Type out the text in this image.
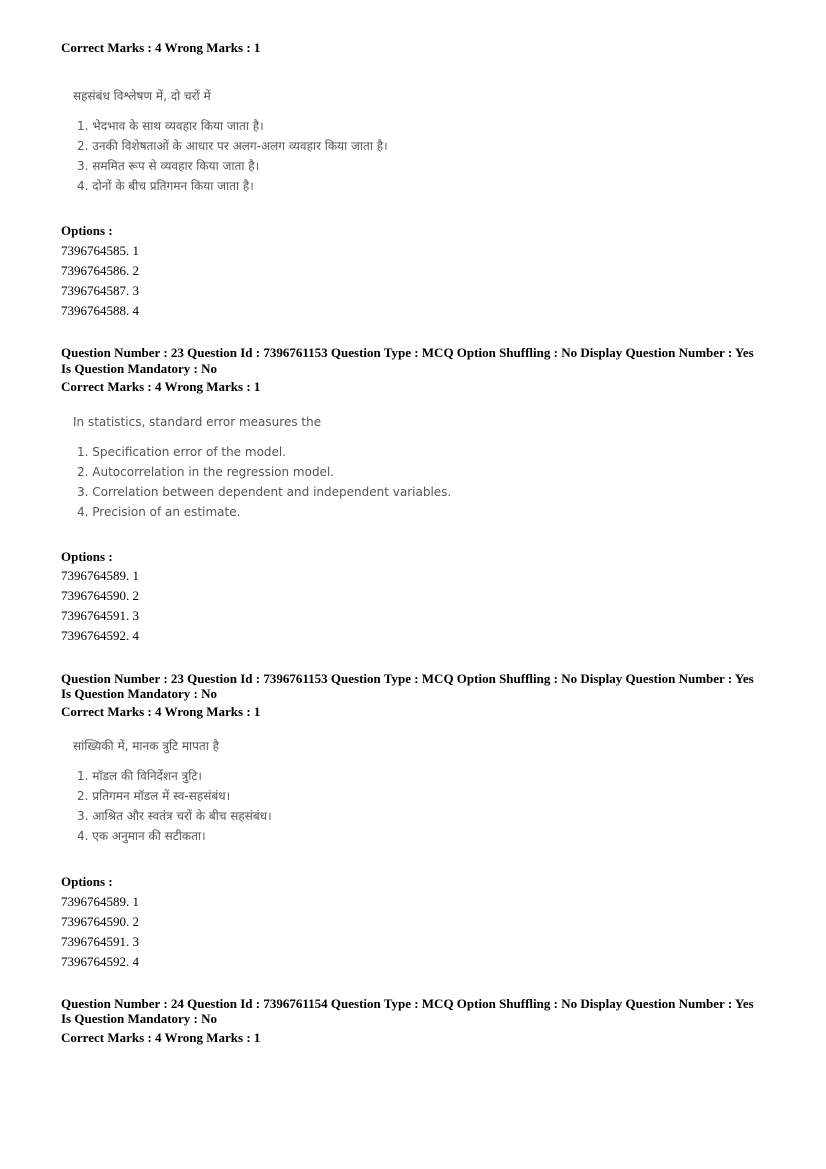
Correct Marks : 4 Wrong Marks : 1
सहसंबंध विश्लेषण में, दो चरों में
1. भेदभाव के साथ व्यवहार किया जाता है।
2. उनकी विशेषताओं के आधार पर अलग-अलग व्यवहार किया जाता है।
3. सममित रूप से व्यवहार किया जाता है।
4. दोनों के बीच प्रतिगमन किया जाता है।
Options :
7396764585. 1
7396764586. 2
7396764587. 3
7396764588. 4
Question Number : 23 Question Id : 7396761153 Question Type : MCQ Option Shuffling : No Display Question Number : Yes
Is Question Mandatory : No
Correct Marks : 4 Wrong Marks : 1
In statistics, standard error measures the
1. Specification error of the model.
2. Autocorrelation in the regression model.
3. Correlation between dependent and independent variables.
4. Precision of an estimate.
Options :
7396764589. 1
7396764590. 2
7396764591. 3
7396764592. 4
Question Number : 23 Question Id : 7396761153 Question Type : MCQ Option Shuffling : No Display Question Number : Yes
Is Question Mandatory : No
Correct Marks : 4 Wrong Marks : 1
सांख्यिकी में, मानक त्रुटि मापता है
1. मॉडल की विनिर्देशन त्रुटि।
2. प्रतिगमन मॉडल में स्व-सहसंबंध।
3. आश्रित और स्वतंत्र चरों के बीच सहसंबंध।
4. एक अनुमान की सटीकता।
Options :
7396764589. 1
7396764590. 2
7396764591. 3
7396764592. 4
Question Number : 24 Question Id : 7396761154 Question Type : MCQ Option Shuffling : No Display Question Number : Yes
Is Question Mandatory : No
Correct Marks : 4 Wrong Marks : 1
